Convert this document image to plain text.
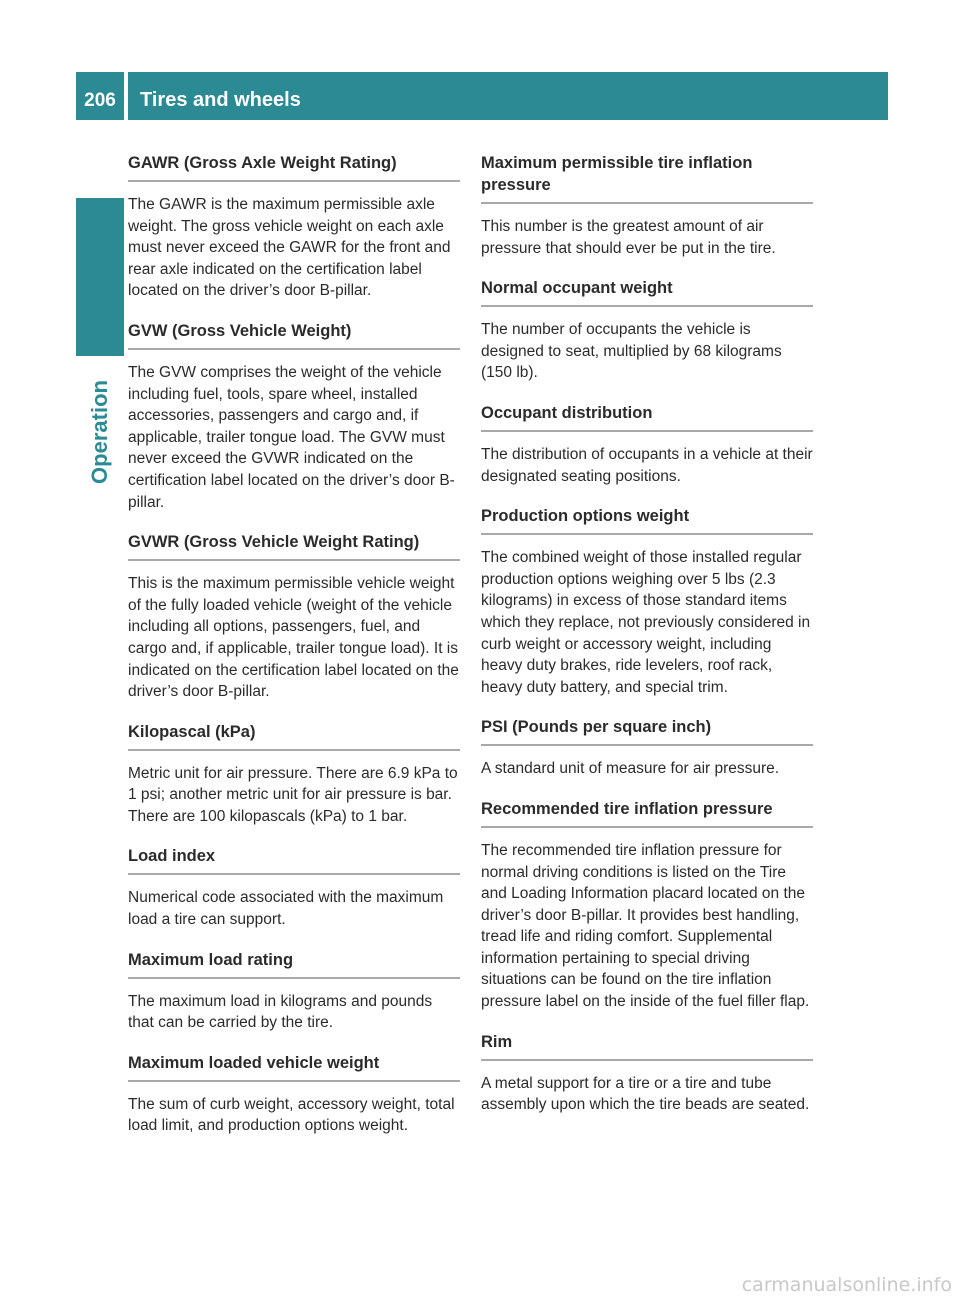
206	Tires and wheels
Operation
GAWR (Gross Axle Weight Rating)

The GAWR is the maximum permissible axle weight. The gross vehicle weight on each axle must never exceed the GAWR for the front and rear axle indicated on the certification label located on the driver’s door B-pillar.

GVW (Gross Vehicle Weight)

The GVW comprises the weight of the vehicle including fuel, tools, spare wheel, installed accessories, passengers and cargo and, if applicable, trailer tongue load. The GVW must never exceed the GVWR indicated on the certification label located on the driver’s door B-pillar.

GVWR (Gross Vehicle Weight Rating)

This is the maximum permissible vehicle weight of the fully loaded vehicle (weight of the vehicle including all options, passengers, fuel, and cargo and, if applicable, trailer tongue load). It is indicated on the certification label located on the driver’s door B-pillar.

Kilopascal (kPa)

Metric unit for air pressure. There are 6.9 kPa to 1 psi; another metric unit for air pressure is bar. There are 100 kilopascals (kPa) to 1 bar.

Load index

Numerical code associated with the maximum load a tire can support.

Maximum load rating

The maximum load in kilograms and pounds that can be carried by the tire.

Maximum loaded vehicle weight

The sum of curb weight, accessory weight, total load limit, and production options weight.

Maximum permissible tire inflation pressure

This number is the greatest amount of air pressure that should ever be put in the tire.

Normal occupant weight

The number of occupants the vehicle is designed to seat, multiplied by 68 kilograms (150 lb).

Occupant distribution

The distribution of occupants in a vehicle at their designated seating positions.

Production options weight

The combined weight of those installed regular production options weighing over 5 lbs (2.3 kilograms) in excess of those standard items which they replace, not previously considered in curb weight or accessory weight, including heavy duty brakes, ride levelers, roof rack, heavy duty battery, and special trim.

PSI (Pounds per square inch)

A standard unit of measure for air pressure.

Recommended tire inflation pressure

The recommended tire inflation pressure for normal driving conditions is listed on the Tire and Loading Information placard located on the driver’s door B-pillar. It provides best handling, tread life and riding comfort. Supplemental information pertaining to special driving situations can be found on the tire inflation pressure label on the inside of the fuel filler flap.

Rim

A metal support for a tire or a tire and tube assembly upon which the tire beads are seated.

carmanualsonline.info
